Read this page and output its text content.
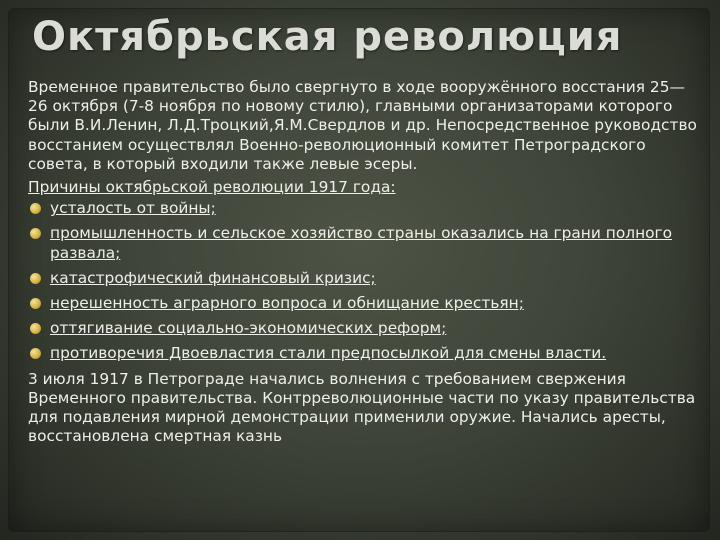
Октябрьская революция

Временное правительство было свергнуто в ходе вооружённого восстания 25—26 октября (7-8 ноября по новому стилю), главными организаторами которого были В.И.Ленин, Л.Д.Троцкий,Я.М.Свердлов и др. Непосредственное руководство восстанием осуществлял Военно-революционный комитет Петроградского совета, в который входили также левые эсеры.

Причины октябрьской революции 1917 года:

усталость от войны;
промышленность и сельское хозяйство страны оказались на грани полного развала;
катастрофический финансовый кризис;
нерешенность аграрного вопроса и обнищание крестьян;
оттягивание социально-экономических реформ;
противоречия Двоевластия стали предпосылкой для смены власти.

3 июля 1917 в Петрограде начались волнения с требованием свержения Временного правительства. Контрреволюционные части по указу правительства для подавления мирной демонстрации применили оружие. Начались аресты, восстановлена смертная казнь
